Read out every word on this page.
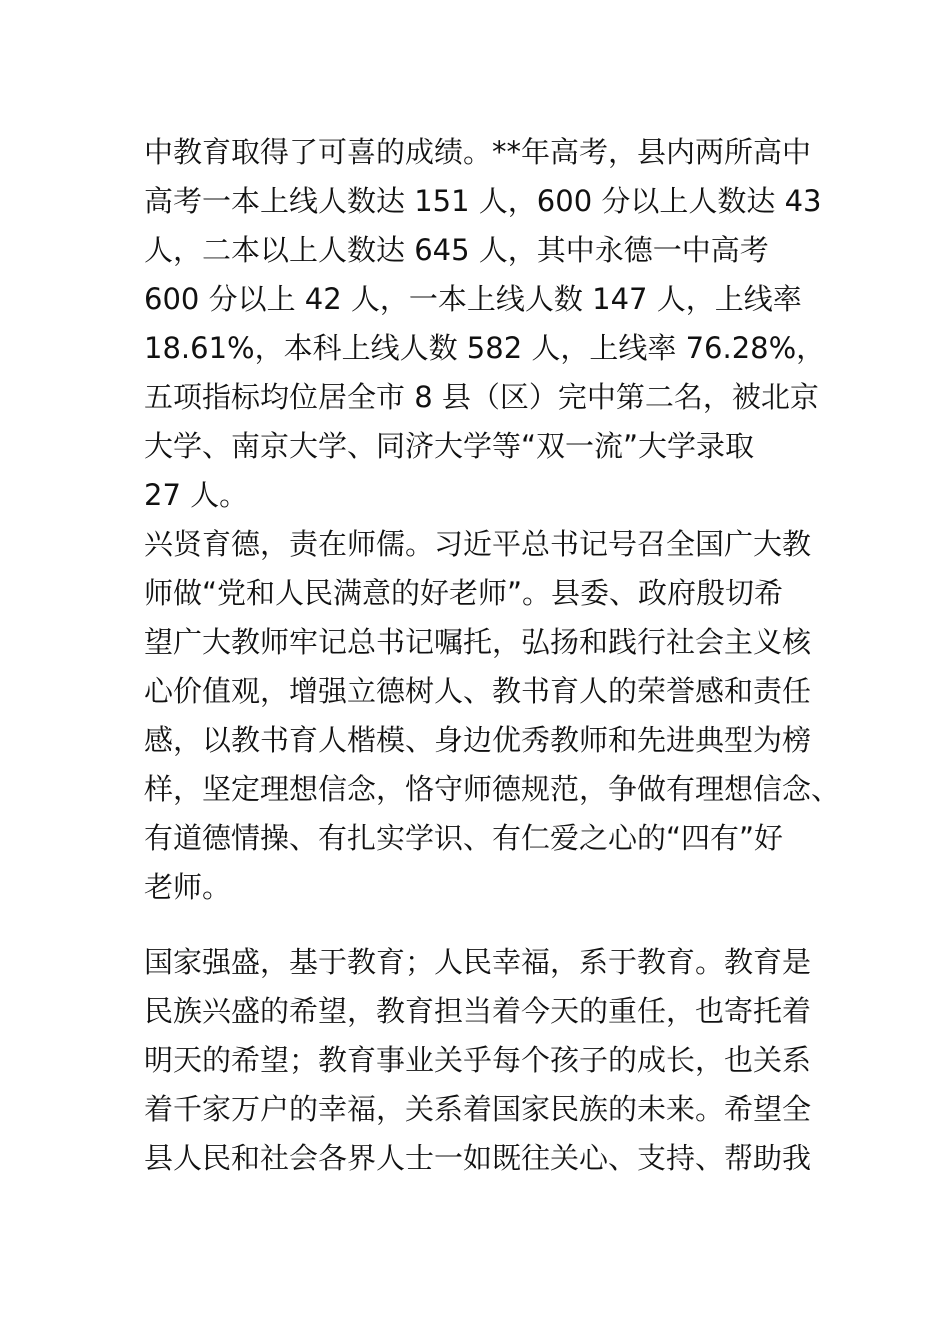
中教育取得了可喜的成绩。**年高考，县内两所高中
高考一本上线人数达 151 人，600 分以上人数达 43
人，二本以上人数达 645 人，其中永德一中高考
600 分以上 42 人，一本上线人数 147 人，上线率
18.61%，本科上线人数 582 人，上线率 76.28%，
五项指标均位居全市 8 县（区）完中第二名，被北京
大学、南京大学、同济大学等“双一流”大学录取
27 人。
兴贤育德，责在师儒。习近平总书记号召全国广大教
师做“党和人民满意的好老师”。县委、政府殷切希
望广大教师牢记总书记嘱托，弘扬和践行社会主义核
心价值观，增强立德树人、教书育人的荣誉感和责任
感，以教书育人楷模、身边优秀教师和先进典型为榜
样，坚定理想信念，恪守师德规范，争做有理想信念、
有道德情操、有扎实学识、有仁爱之心的“四有”好
老师。
国家强盛，基于教育；人民幸福，系于教育。教育是
民族兴盛的希望，教育担当着今天的重任，也寄托着
明天的希望；教育事业关乎每个孩子的成长，也关系
着千家万户的幸福，关系着国家民族的未来。希望全
县人民和社会各界人士一如既往关心、支持、帮助我
